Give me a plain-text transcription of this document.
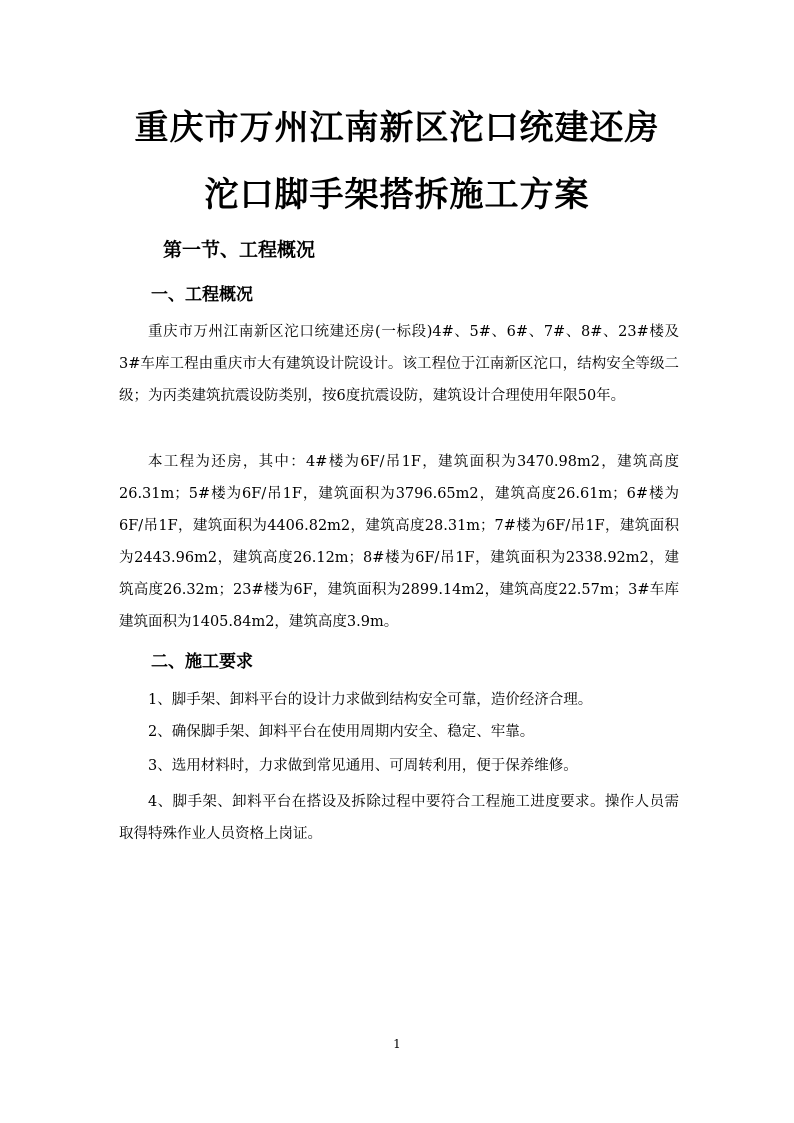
重庆市万州江南新区沱口统建还房
沱口脚手架搭拆施工方案
第一节、工程概况
一、工程概况
重庆市万州江南新区沱口统建还房(一标段)4#、5#、6#、7#、8#、23#楼及3#车库工程由重庆市大有建筑设计院设计。该工程位于江南新区沱口，结构安全等级二级；为丙类建筑抗震设防类别，按6度抗震设防，建筑设计合理使用年限50年。
本工程为还房，其中：4#楼为6F/吊1F，建筑面积为3470.98m2，建筑高度26.31m；5#楼为6F/吊1F，建筑面积为3796.65m2，建筑高度26.61m；6#楼为6F/吊1F，建筑面积为4406.82m2，建筑高度28.31m；7#楼为6F/吊1F，建筑面积为2443.96m2，建筑高度26.12m；8#楼为6F/吊1F，建筑面积为2338.92m2，建筑高度26.32m；23#楼为6F，建筑面积为2899.14m2，建筑高度22.57m；3#车库建筑面积为1405.84m2，建筑高度3.9m。
二、施工要求
1、脚手架、卸料平台的设计力求做到结构安全可靠，造价经济合理。
2、确保脚手架、卸料平台在使用周期内安全、稳定、牢靠。
3、选用材料时，力求做到常见通用、可周转利用，便于保养维修。
4、脚手架、卸料平台在搭设及拆除过程中要符合工程施工进度要求。操作人员需取得特殊作业人员资格上岗证。
1
